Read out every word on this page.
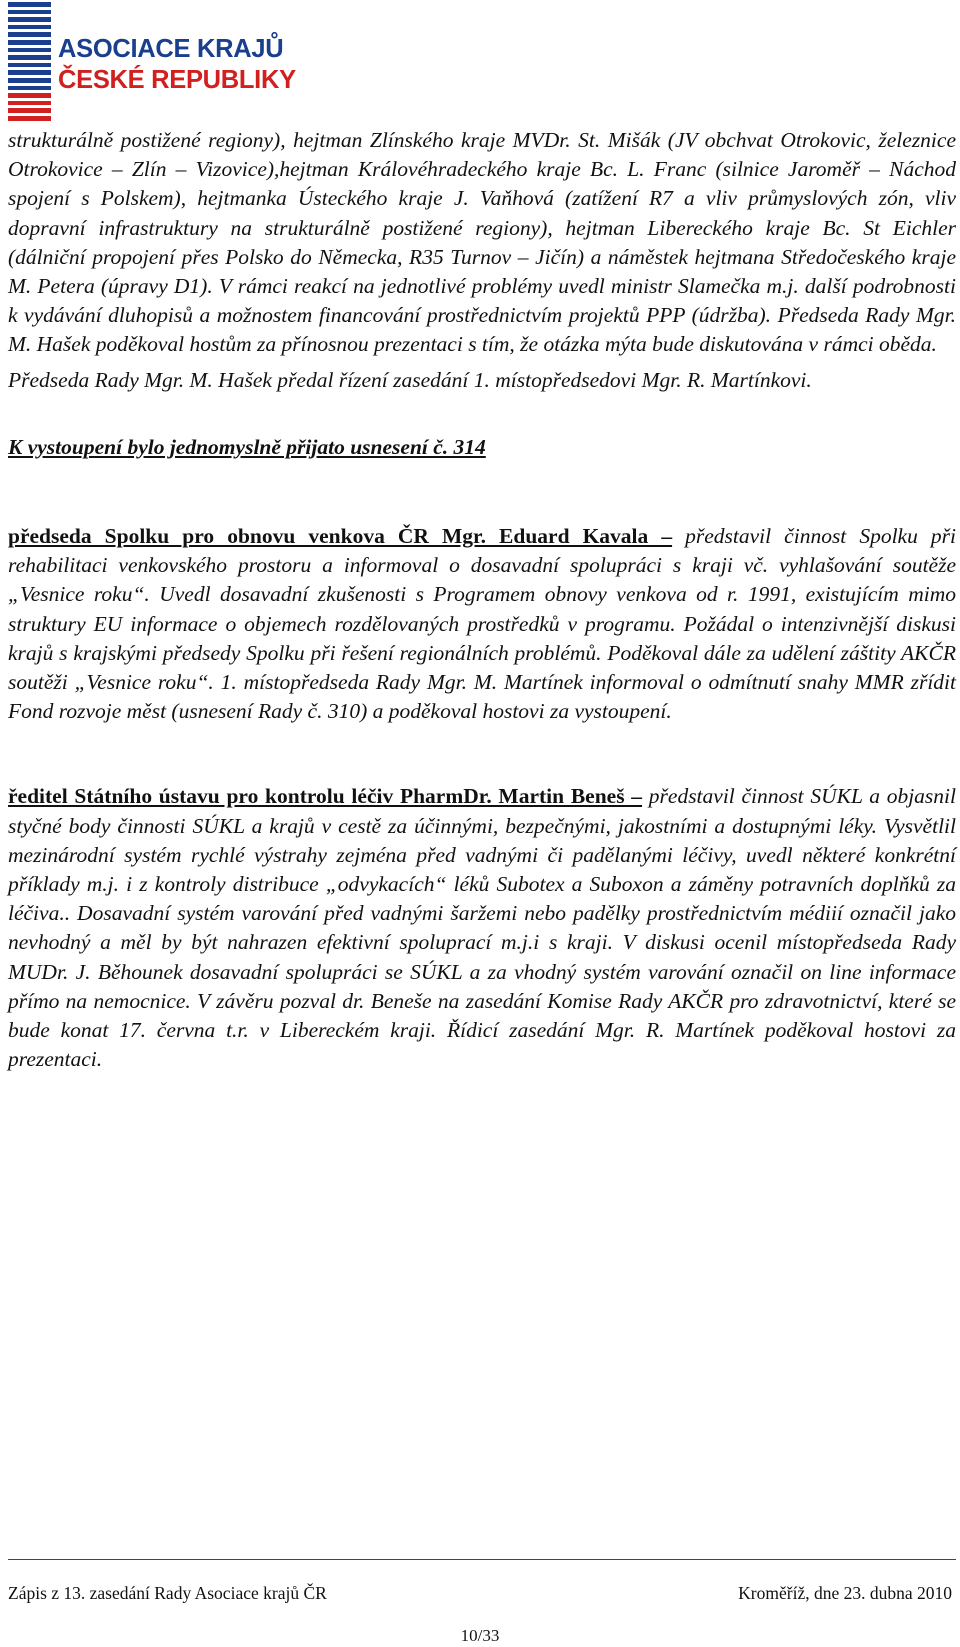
ASOCIACE KRAJŮ
ČESKÉ REPUBLIKY

strukturálně postižené regiony), hejtman Zlínského kraje MVDr. St. Mišák (JV obchvat Otrokovic, železnice Otrokovice – Zlín – Vizovice),hejtman Královéhradeckého kraje Bc. L. Franc (silnice Jaroměř – Náchod spojení s Polskem), hejtmanka Ústeckého kraje J. Vaňhová (zatížení R7 a vliv průmyslových zón, vliv dopravní infrastruktury na strukturálně postižené regiony), hejtman Libereckého kraje Bc. St Eichler (dálniční propojení přes Polsko do Německa, R35 Turnov – Jičín) a náměstek hejtmana Středočeského kraje M. Petera (úpravy D1). V rámci reakcí na jednotlivé problémy uvedl ministr Slamečka m.j. další podrobnosti k vydávání dluhopisů a možnostem financování prostřednictvím projektů PPP (údržba). Předseda Rady Mgr. M. Hašek poděkoval hostům za přínosnou prezentaci s tím, že otázka mýta bude diskutována v rámci oběda.

Předseda Rady Mgr. M. Hašek předal řízení zasedání 1. místopředsedovi Mgr. R. Martínkovi.

K vystoupení bylo jednomyslně přijato usnesení č. 314

předseda Spolku pro obnovu venkova ČR Mgr. Eduard Kavala – představil činnost Spolku při rehabilitaci venkovského prostoru a informoval o dosavadní spolupráci s kraji vč. vyhlašování soutěže „Vesnice roku“. Uvedl dosavadní zkušenosti s Programem obnovy venkova od r. 1991, existujícím mimo struktury EU informace o objemech rozdělovaných prostředků v programu. Požádal o intenzivnější diskusi krajů s krajskými předsedy Spolku při řešení regionálních problémů. Poděkoval dále za udělení záštity AKČR soutěži „Vesnice roku“. 1. místopředseda Rady Mgr. M. Martínek informoval o odmítnutí snahy MMR zřídit Fond rozvoje měst (usnesení Rady č. 310) a poděkoval hostovi za vystoupení.

ředitel Státního ústavu pro kontrolu léčiv PharmDr. Martin Beneš – představil činnost SÚKL a objasnil styčné body činnosti SÚKL a krajů v cestě za účinnými, bezpečnými, jakostními a dostupnými léky. Vysvětlil mezinárodní systém rychlé výstrahy zejména před vadnými či padělanými léčivy, uvedl některé konkrétní příklady m.j. i z kontroly distribuce „odvykacích“ léků Subotex a Suboxon a záměny potravních doplňků za léčiva.. Dosavadní systém varování před vadnými šaržemi nebo padělky prostřednictvím médiií označil jako nevhodný a měl by být nahrazen efektivní spoluprací m.j.i s kraji. V diskusi ocenil místopředseda Rady MUDr. J. Běhounek dosavadní spolupráci se SÚKL a za vhodný systém varování označil on line informace přímo na nemocnice. V závěru pozval dr. Beneše na zasedání Komise Rady AKČR pro zdravotnictví, které se bude konat 17. června t.r. v Libereckém kraji. Řídicí zasedání Mgr. R. Martínek poděkoval hostovi za prezentaci.

Zápis z 13. zasedání Rady Asociace krajů ČR	Kroměříž, dne 23. dubna 2010
10/33
